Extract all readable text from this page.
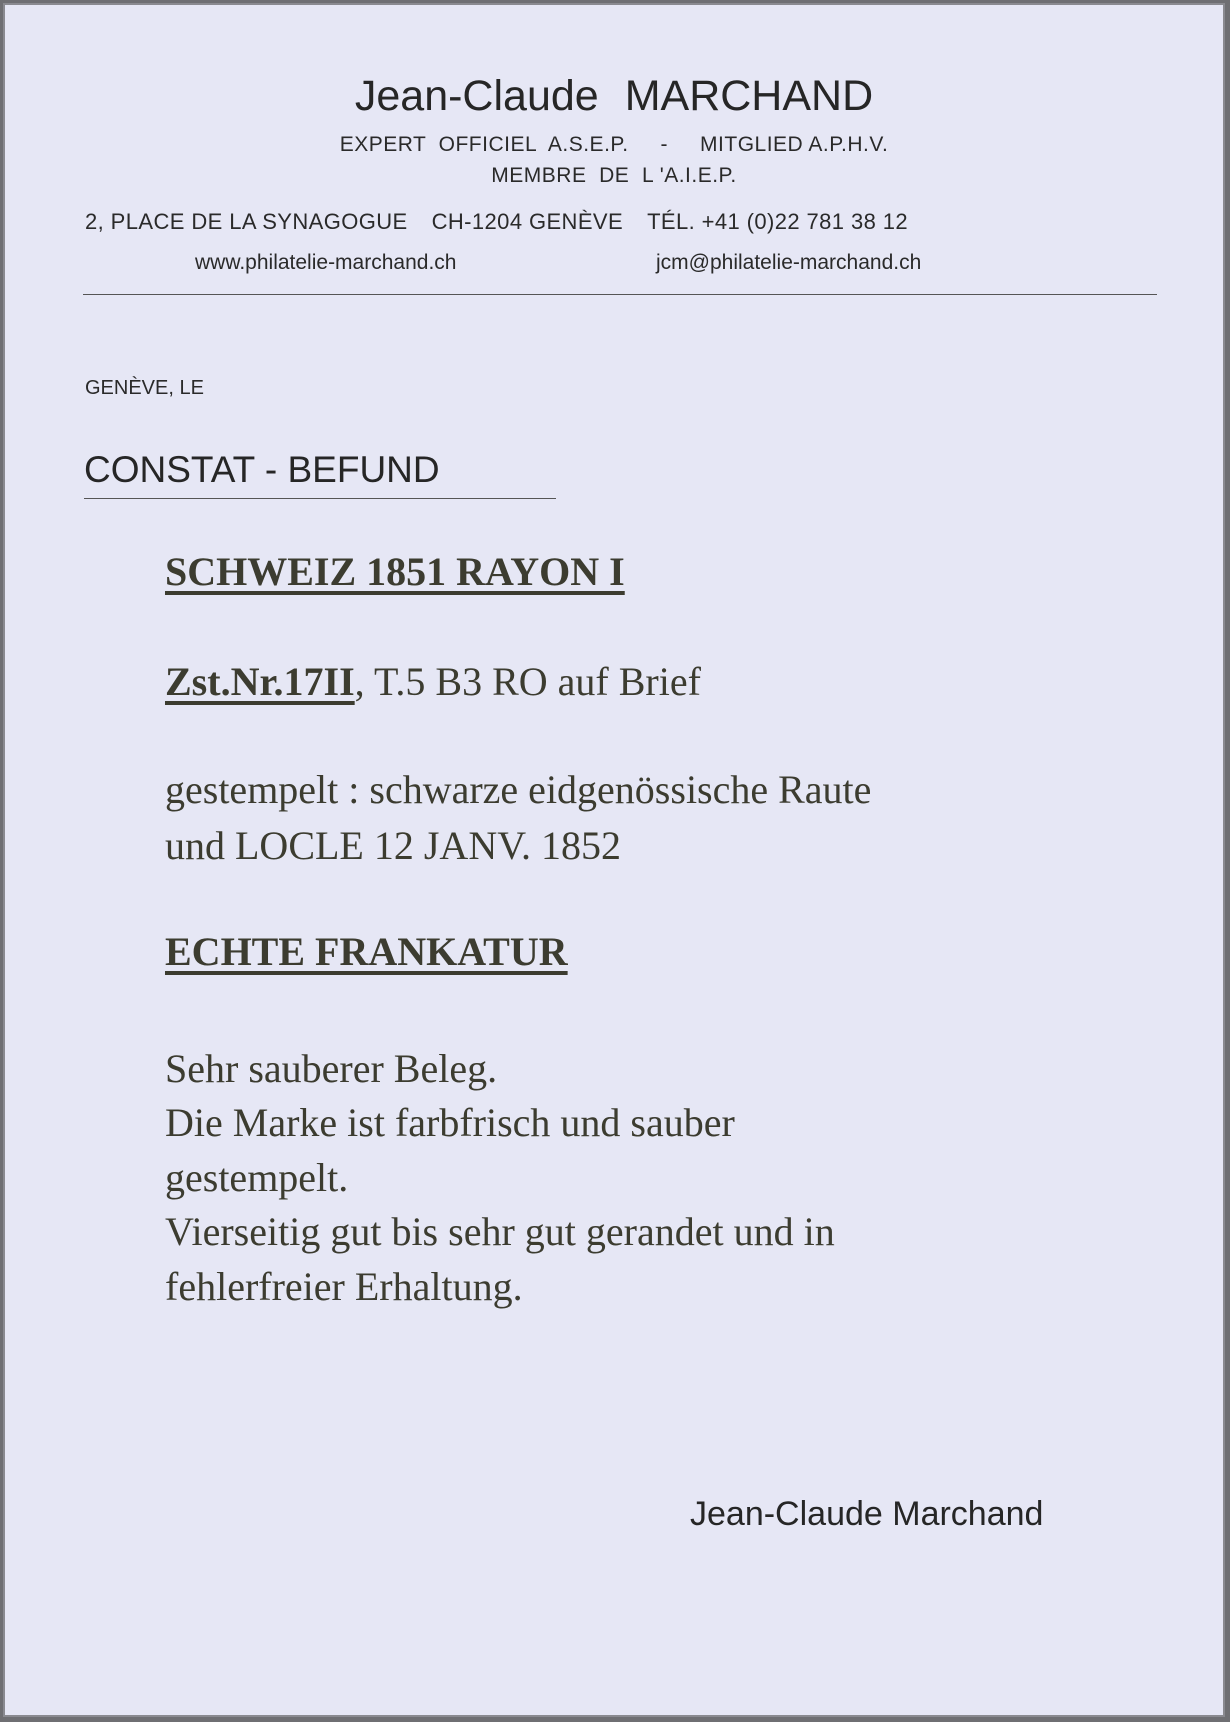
Jean-Claude MARCHAND
EXPERT  OFFICIEL  A.S.E.P. - MITGLIED A.P.H.V.
MEMBRE  DE  L 'A.I.E.P.
2, PLACE DE LA SYNAGOGUE CH-1204 GENÈVE TÉL. +41 (0)22 781 38 12
www.philatelie-marchand.ch	jcm@philatelie-marchand.ch
GENÈVE, LE
CONSTAT - BEFUND
SCHWEIZ 1851 RAYON I
Zst.Nr.17II, T.5 B3 RO auf Brief
gestempelt : schwarze eidgenössische Raute
und LOCLE 12 JANV. 1852
ECHTE FRANKATUR
Sehr sauberer Beleg.
Die Marke ist farbfrisch und sauber
gestempelt.
Vierseitig gut bis sehr gut gerandet und in
fehlerfreier Erhaltung.
Jean-Claude Marchand
